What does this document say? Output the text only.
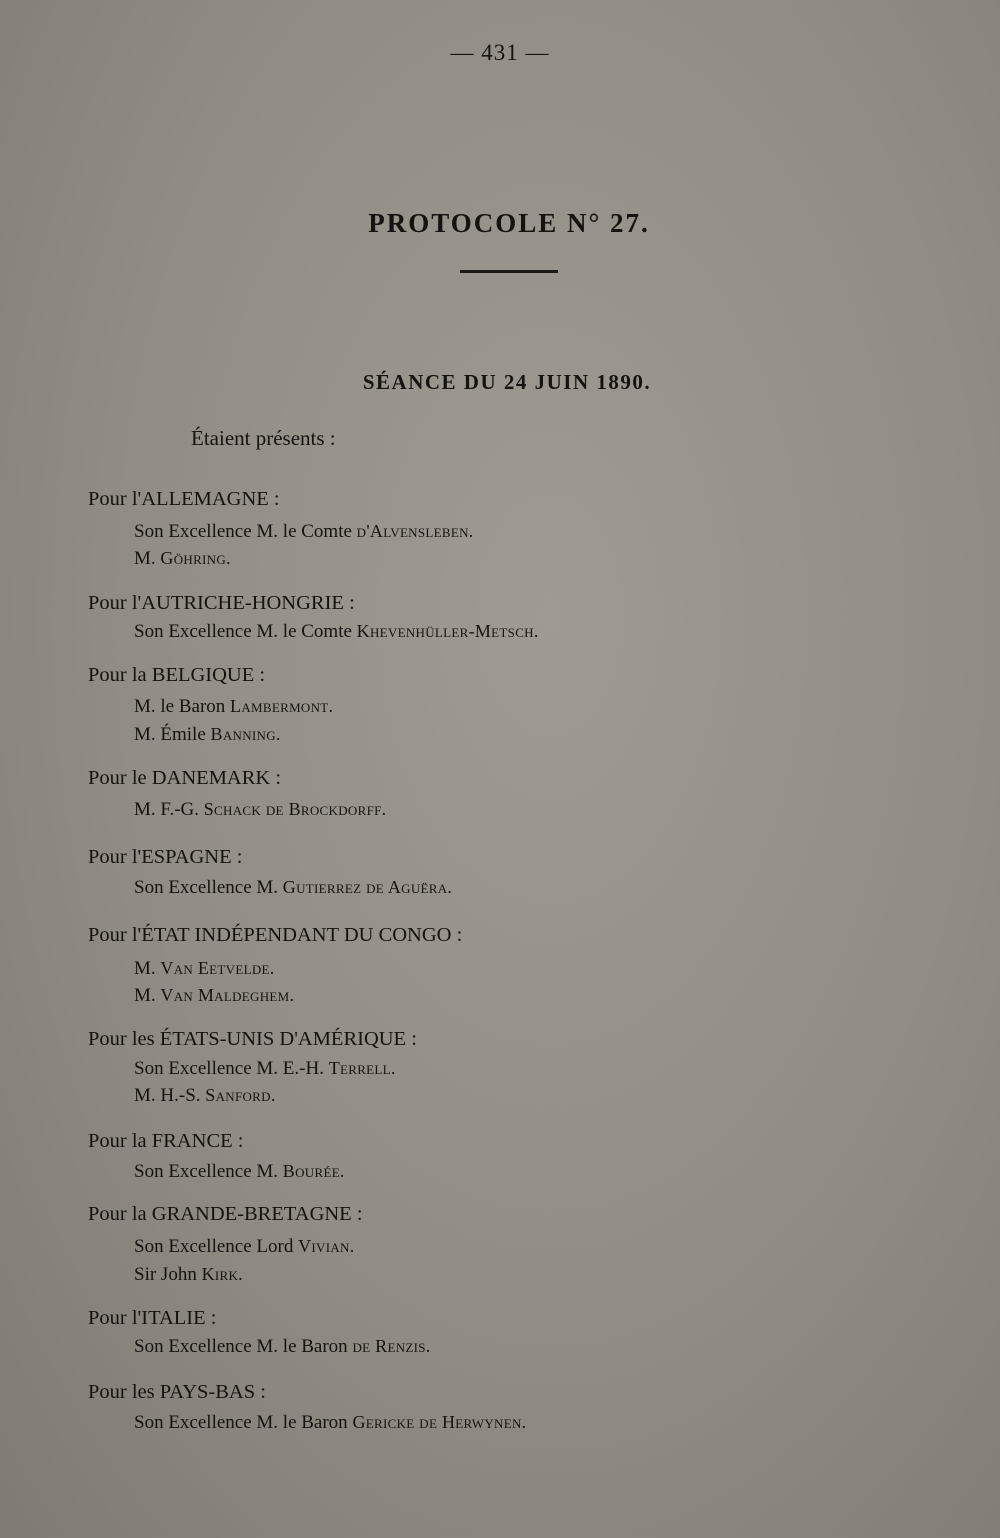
— 431 —
PROTOCOLE N° 27.
SÉANCE DU 24 JUIN 1890.
Étaient présents :
Pour l'ALLEMAGNE :
Son Excellence M. le Comte d'Alvensleben.
M. Göhring.
Pour l'AUTRICHE-HONGRIE :
Son Excellence M. le Comte Khevenhüller-Metsch.
Pour la BELGIQUE :
M. le Baron Lambermont.
M. Émile Banning.
Pour le DANEMARK :
M. F.-G. Schack de Brockdorff.
Pour l'ESPAGNE :
Son Excellence M. Gutierrez de Aguëra.
Pour l'ÉTAT INDÉPENDANT DU CONGO :
M. Van Eetvelde.
M. Van Maldeghem.
Pour les ÉTATS-UNIS D'AMÉRIQUE :
Son Excellence M. E.-H. Terrell.
M. H.-S. Sanford.
Pour la FRANCE :
Son Excellence M. Bourée.
Pour la GRANDE-BRETAGNE :
Son Excellence Lord Vivian.
Sir John Kirk.
Pour l'ITALIE :
Son Excellence M. le Baron de Renzis.
Pour les PAYS-BAS :
Son Excellence M. le Baron Gericke de Herwynen.
